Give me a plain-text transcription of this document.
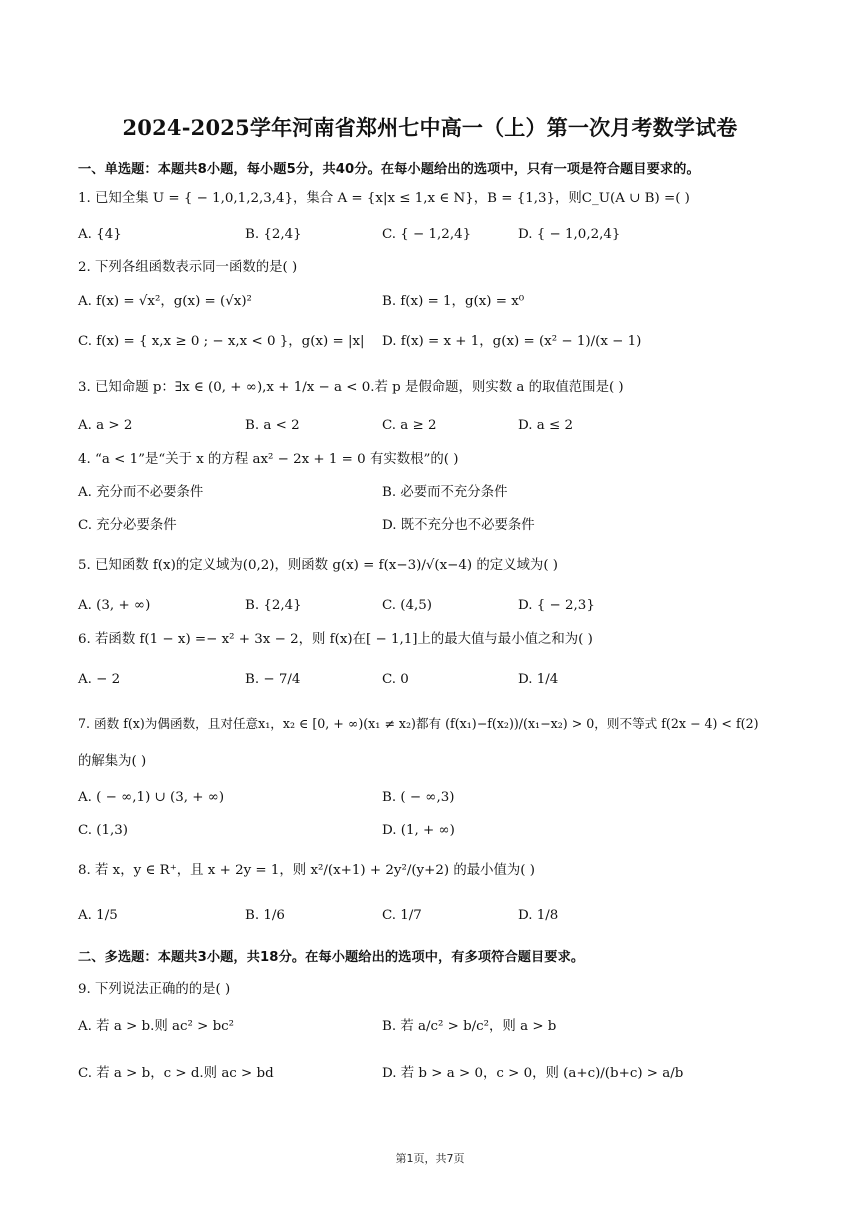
2024-2025学年河南省郑州七中高一（上）第一次月考数学试卷
一、单选题：本题共8小题，每小题5分，共40分。在每小题给出的选项中，只有一项是符合题目要求的。
1. 已知全集 U = { − 1,0,1,2,3,4}，集合 A = {x|x ≤ 1,x ∈ N}，B = {1,3}，则C_U(A ∪ B) =( )
A. {4}	B. {2,4}	C. { − 1,2,4}	D. { − 1,0,2,4}
2. 下列各组函数表示同一函数的是( )
A. f(x) = √x²，g(x) = (√x)²	B. f(x) = 1，g(x) = x⁰
C. f(x) = { x,x ≥ 0 ; − x,x < 0 }，g(x) = |x| D. f(x) = x + 1，g(x) = (x² − 1)/(x − 1)
3. 已知命题 p：∃x ∈ (0, + ∞),x + 1/x − a < 0.若 p 是假命题，则实数 a 的取值范围是( )
A. a > 2	B. a < 2	C. a ≥ 2	D. a ≤ 2
4. “a < 1”是“关于 x 的方程 ax² − 2x + 1 = 0 有实数根”的( )
A. 充分而不必要条件	B. 必要而不充分条件
C. 充分必要条件	D. 既不充分也不必要条件
5. 已知函数 f(x)的定义域为(0,2)，则函数 g(x) = f(x−3)/√(x−4) 的定义域为( )
A. (3, + ∞)	B. {2,4}	C. (4,5)	D. { − 2,3}
6. 若函数 f(1 − x) =− x² + 3x − 2，则 f(x)在[ − 1,1]上的最大值与最小值之和为( )
A. − 2	B. − 7/4	C. 0	D. 1/4
7. 函数 f(x)为偶函数，且对任意x₁，x₂ ∈ [0, + ∞)(x₁ ≠ x₂)都有 (f(x₁)−f(x₂))/(x₁−x₂) > 0，则不等式 f(2x − 4) < f(2)
的解集为( )
A. ( − ∞,1) ∪ (3, + ∞)	B. ( − ∞,3)
C. (1,3)	D. (1, + ∞)
8. 若 x，y ∈ R⁺，且 x + 2y = 1，则 x²/(x+1) + 2y²/(y+2) 的最小值为( )
A. 1/5	B. 1/6	C. 1/7	D. 1/8
二、多选题：本题共3小题，共18分。在每小题给出的选项中，有多项符合题目要求。
9. 下列说法正确的的是( )
A. 若 a > b.则 ac² > bc²	B. 若 a/c² > b/c²，则 a > b
C. 若 a > b，c > d.则 ac > bd	D. 若 b > a > 0，c > 0，则 (a+c)/(b+c) > a/b
第1页，共7页
